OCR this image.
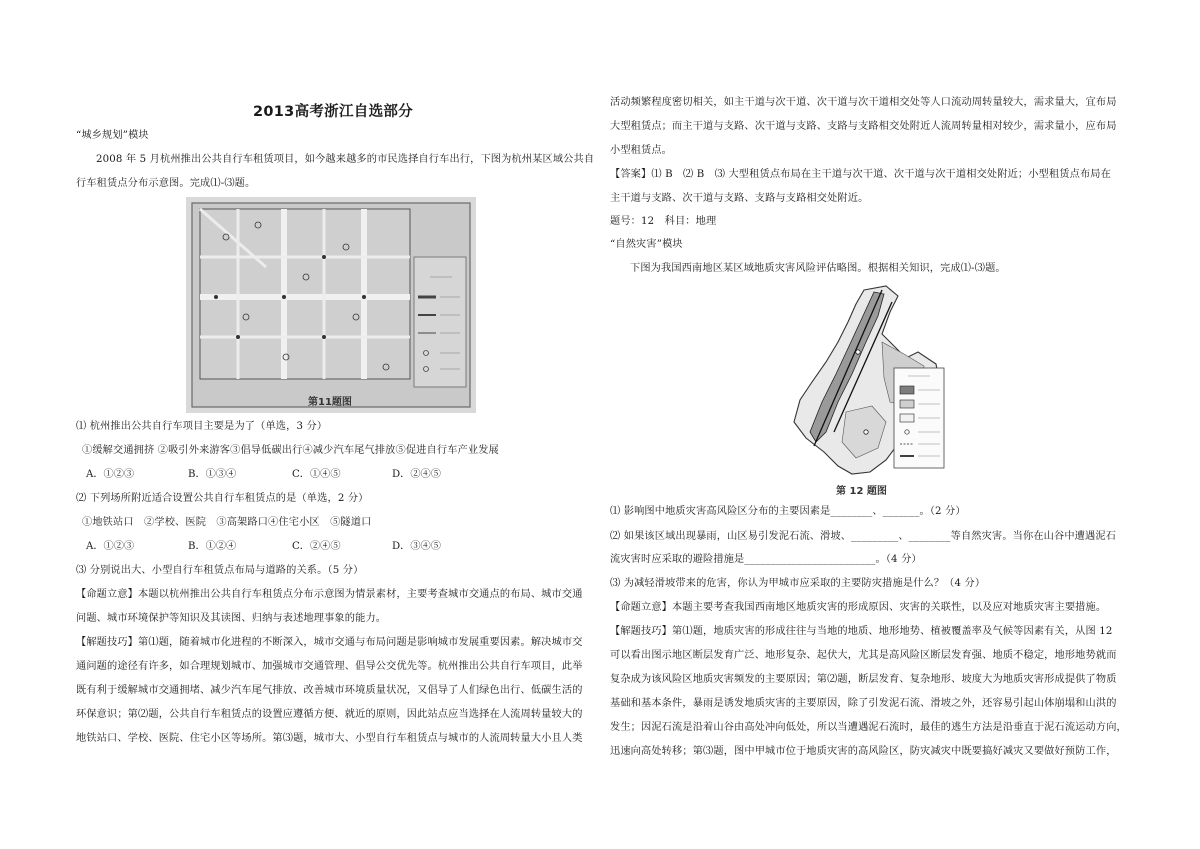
2013高考浙江自选部分
“城乡规划”模块
2008 年 5 月杭州推出公共自行车租赁项目，如今越来越多的市民选择自行车出行，下图为杭州某区域公共自
行车租赁点分布示意图。完成⑴-⑶题。
第11题图
⑴ 杭州推出公共自行车项目主要是为了（单选，3 分）
①缓解交通拥挤 ②吸引外来游客③倡导低碳出行④减少汽车尾气排放⑤促进自行车产业发展
A．①②③	B．①③④	C．①④⑤	D．②④⑤
⑵ 下列场所附近适合设置公共自行车租赁点的是（单选，2 分）
①地铁站口　②学校、医院　③高架路口④住宅小区　⑤隧道口
A．①②③	B．①②④	C．②④⑤	D．③④⑤
⑶ 分别说出大、小型自行车租赁点布局与道路的关系。（5 分）
【命题立意】本题以杭州推出公共自行车租赁点分布示意图为情景素材，主要考查城市交通点的布局、城市交通
问题、城市环境保护等知识及其读图、归纳与表述地理事象的能力。
【解题技巧】第⑴题，随着城市化进程的不断深入，城市交通与布局问题是影响城市发展重要因素。解决城市交
通问题的途径有许多，如合理规划城市、加强城市交通管理、倡导公交优先等。杭州推出公共自行车项目，此举
既有利于缓解城市交通拥堵、减少汽车尾气排放、改善城市环境质量状况，又倡导了人们绿色出行、低碳生活的
环保意识；第⑵题，公共自行车租赁点的设置应遵循方便、就近的原则，因此站点应当选择在人流周转量较大的
地铁站口、学校、医院、住宅小区等场所。第⑶题，城市大、小型自行车租赁点与城市的人流周转量大小且人类
活动频繁程度密切相关，如主干道与次干道、次干道与次干道相交处等人口流动周转量较大，需求量大，宜布局
大型租赁点；而主干道与支路、次干道与支路、支路与支路相交处附近人流周转量相对较少，需求量小，应布局
小型租赁点。
【答案】⑴ B　⑵ B　⑶ 大型租赁点布局在主干道与次干道、次干道与次干道相交处附近；小型租赁点布局在
主干道与支路、次干道与支路、支路与支路相交处附近。
题号：12　科目：地理
“自然灾害”模块
下图为我国西南地区某区域地质灾害风险评估略图。根据相关知识，完成⑴-⑶题。
第 12 题图
⑴ 影响图中地质灾害高风险区分布的主要因素是________、_______。（2 分）
⑵ 如果该区域出现暴雨，山区易引发泥石流、滑坡、_________、________等自然灾害。当你在山谷中遭遇泥石
流灾害时应采取的避险措施是_________________________。（4 分）
⑶ 为减轻滑坡带来的危害，你认为甲城市应采取的主要防灾措施是什么？（4 分）
【命题立意】本题主要考查我国西南地区地质灾害的形成原因、灾害的关联性，以及应对地质灾害主要措施。
【解题技巧】第⑴题，地质灾害的形成往往与当地的地质、地形地势、植被覆盖率及气候等因素有关，从图 12
可以看出图示地区断层发育广泛、地形复杂、起伏大，尤其是高风险区断层发育强、地质不稳定，地形地势就而
复杂成为该风险区地质灾害频发的主要原因；第⑵题，断层发育、复杂地形、坡度大为地质灾害形成提供了物质
基础和基本条件，暴雨是诱发地质灾害的主要原因，除了引发泥石流、滑坡之外，还容易引起山体崩塌和山洪的
发生；因泥石流是沿着山谷由高处冲向低处，所以当遭遇泥石流时，最佳的逃生方法是沿垂直于泥石流运动方向，
迅速向高处转移；第⑶题，图中甲城市位于地质灾害的高风险区，防灾减灾中既要搞好减灾又要做好预防工作，
